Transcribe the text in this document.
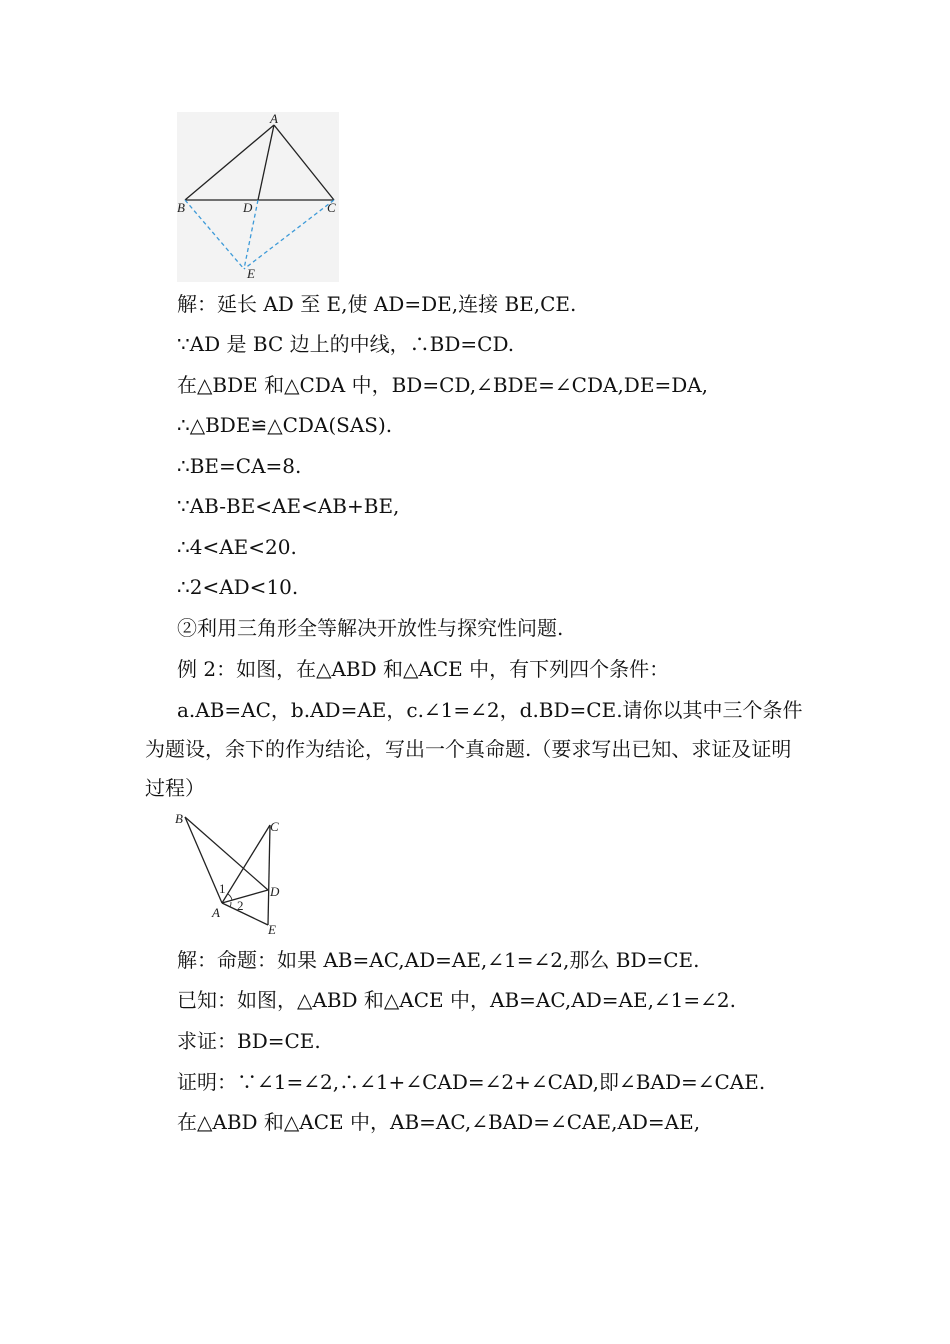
A
B	D	C
E
解：延长 AD 至 E,使 AD=DE,连接 BE,CE.
∵AD 是 BC 边上的中线，∴BD=CD.
在△BDE 和△CDA 中，BD=CD,∠BDE=∠CDA,DE=DA,
∴△BDE≌△CDA(SAS).
∴BE=CA=8.
∵AB-BE<AE<AB+BE,
∴4<AE<20.
∴2<AD<10.
②利用三角形全等解决开放性与探究性问题.
例 2：如图，在△ABD 和△ACE 中，有下列四个条件：
a.AB=AC，b.AD=AE，c.∠1=∠2，d.BD=CE.请你以其中三个条件为题设，余下的作为结论，写出一个真命题.（要求写出已知、求证及证明过程）
B
C
D
A
E
1
2
解：命题：如果 AB=AC,AD=AE,∠1=∠2,那么 BD=CE.
已知：如图，△ABD 和△ACE 中，AB=AC,AD=AE,∠1=∠2.
求证：BD=CE.
证明：∵∠1=∠2,∴∠1+∠CAD=∠2+∠CAD,即∠BAD=∠CAE.
在△ABD 和△ACE 中，AB=AC,∠BAD=∠CAE,AD=AE,
